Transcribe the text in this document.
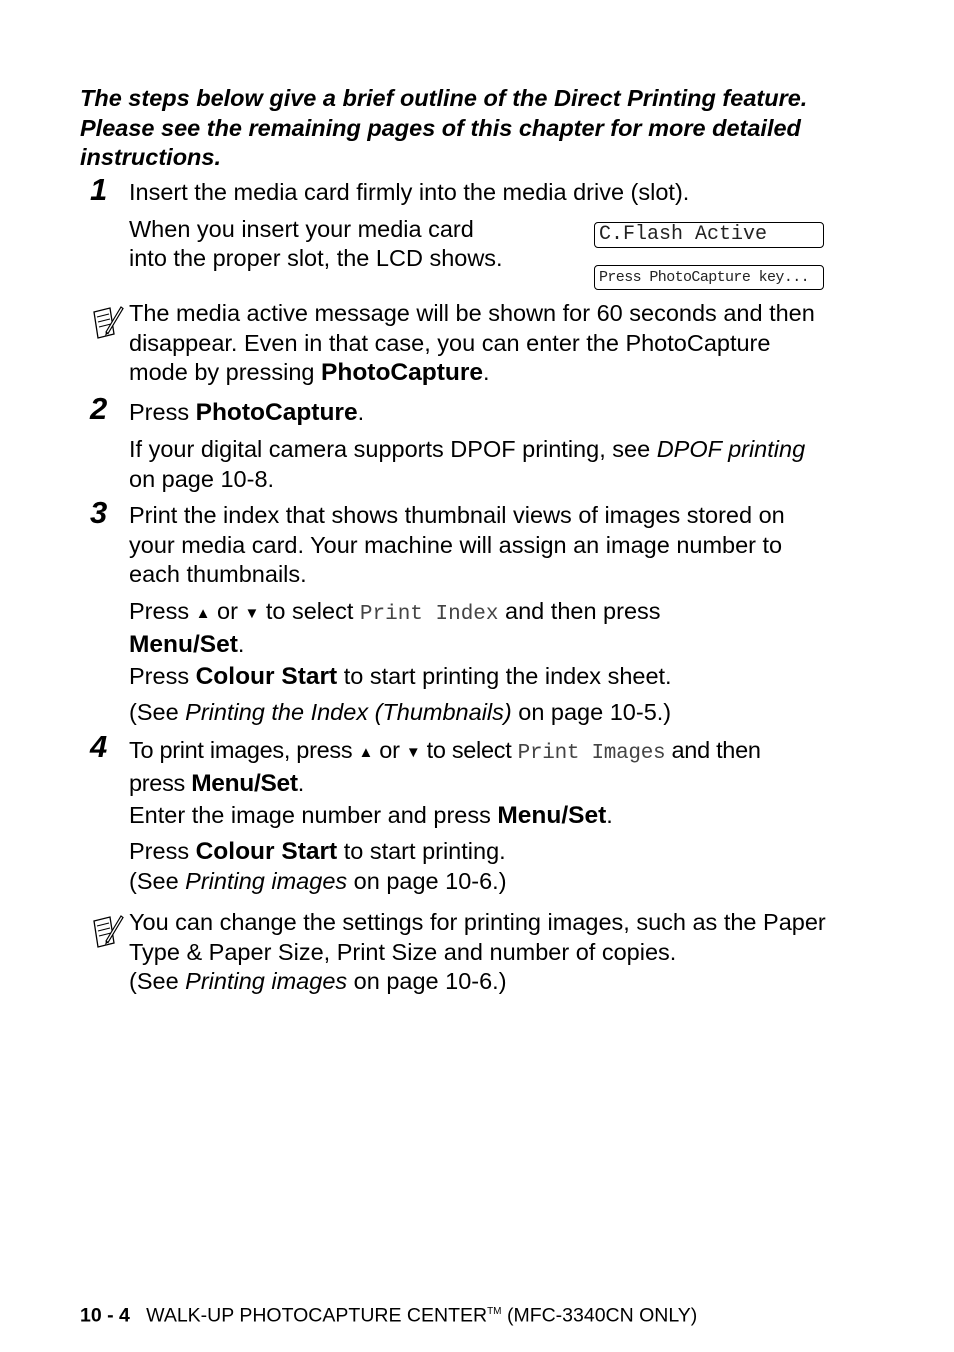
The steps below give a brief outline of the Direct Printing feature. Please see the remaining pages of this chapter for more detailed instructions.
1 Insert the media card firmly into the media drive (slot).
When you insert your media card
into the proper slot, the LCD shows.
C.Flash Active
Press PhotoCapture key...
The media active message will be shown for 60 seconds and then disappear. Even in that case, you can enter the PhotoCapture mode by pressing PhotoCapture.
2 Press PhotoCapture.
If your digital camera supports DPOF printing, see DPOF printing on page 10-8.
3 Print the index that shows thumbnail views of images stored on your media card. Your machine will assign an image number to each thumbnails.
Press ▲ or ▼ to select Print Index and then press
Menu/Set.
Press Colour Start to start printing the index sheet.
(See Printing the Index (Thumbnails) on page 10-5.)
4 To print images, press ▲ or ▼ to select Print Images and then
press Menu/Set.
Enter the image number and press Menu/Set.
Press Colour Start to start printing.
(See Printing images on page 10-6.)
You can change the settings for printing images, such as the Paper Type & Paper Size, Print Size and number of copies.
(See Printing images on page 10-6.)
10 - 4 WALK-UP PHOTOCAPTURE CENTER™ (MFC-3340CN ONLY)
